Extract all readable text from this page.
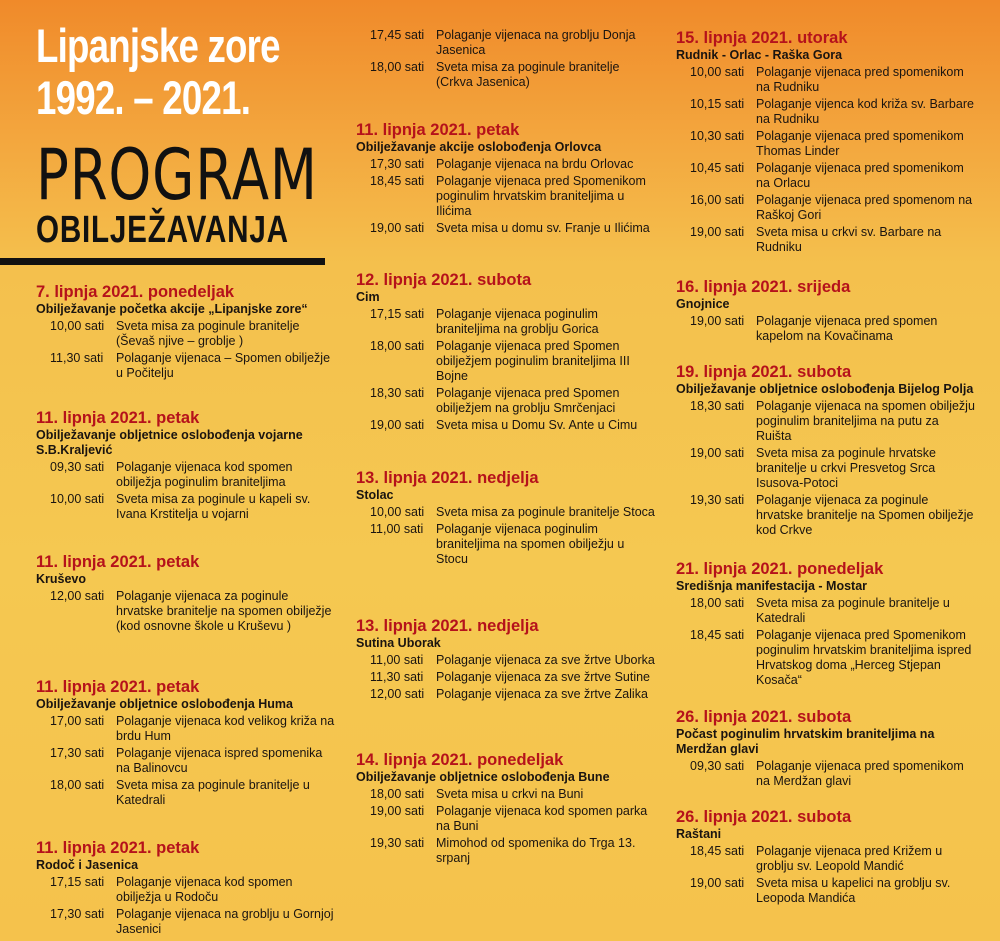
Lipanjske zore
1992. – 2021.
PROGRAM
OBILJEŽAVANJA
7. lipnja 2021. ponedeljak
Obilježavanje početka akcije „Lipanjske zore“
10,00 sati Sveta misa za poginule branitelje (Ševaš njive – groblje )
11,30 sati	Polaganje vijenaca – Spomen obilježje u Počitelju
11. lipnja 2021. petak
Obilježavanje obljetnice oslobođenja vojarne S.B.Kraljević
09,30 sati Polaganje vijenaca kod spomen obilježja poginulim braniteljima
10,00 sati Sveta misa za poginule u kapeli sv. Ivana Krstitelja u vojarni
11. lipnja 2021. petak
Kruševo
12,00 sati Polaganje vijenaca za poginule hrvatske branitelje na spomen obilježje (kod osnovne škole u Kruševu )
11. lipnja 2021. petak
Obilježavanje obljetnice oslobođenja Huma
17,00 sati Polaganje vijenaca kod velikog križa na brdu Hum
17,30 sati Polaganje vijenaca ispred spomenika na Balinovcu
18,00 sati Sveta misa za poginule branitelje u Katedrali
11. lipnja 2021. petak
Rodoč i Jasenica
17,15 sati Polaganje vijenaca kod spomen obilježja u Rodoču
17,30 sati Polaganje vijenaca na groblju u Gornjoj Jasenici
17,45 sati Polaganje vijenaca na groblju Donja Jasenica
18,00 sati Sveta misa za poginule branitelje (Crkva Jasenica)
11. lipnja 2021. petak
Obilježavanje akcije oslobođenja Orlovca
17,30 sati Polaganje vijenaca na brdu Orlovac
18,45 sati Polaganje vijenaca pred Spomenikom poginulim hrvatskim braniteljima u Ilićima
19,00 sati Sveta misa u domu sv. Franje u Ilićima
12. lipnja 2021. subota
Cim
17,15 sati Polaganje vijenaca poginulim braniteljima na groblju Gorica
18,00 sati Polaganje vijenaca pred Spomen obilježjem poginulim braniteljima III Bojne
18,30 sati Polaganje vijenaca pred Spomen obilježjem na groblju Smrčenjaci
19,00 sati Sveta misa u Domu Sv. Ante u Cimu
13. lipnja 2021. nedjelja
Stolac
10,00 sati Sveta misa za poginule branitelje Stoca
11,00 sati	Polaganje vijenaca poginulim braniteljima na spomen obilježju u Stocu
13. lipnja 2021. nedjelja
Sutina Uborak
11,00 sati	Polaganje vijenaca za sve žrtve Uborka
11,30 sati	Polaganje vijenaca za sve žrtve Sutine
12,00 sati Polaganje vijenaca za sve žrtve Zalika
14. lipnja 2021. ponedeljak
Obilježavanje obljetnice oslobođenja Bune
18,00 sati Sveta misa u crkvi na Buni
19,00 sati Polaganje vijenaca kod spomen parka na Buni
19,30 sati Mimohod od spomenika do Trga 13. srpanj
15. lipnja 2021. utorak
Rudnik - Orlac - Raška Gora
10,00 sati Polaganje vijenaca pred spomenikom na Rudniku
10,15 sati Polaganje vijenca kod križa sv. Barbare na Rudniku
10,30 sati Polaganje vijenaca pred spomenikom Thomas Linder
10,45 sati Polaganje vijenaca pred spomenikom na Orlacu
16,00 sati Polaganje vijenaca pred spomenom na Raškoj Gori
19,00 sati Sveta misa u crkvi sv. Barbare na Rudniku
16. lipnja 2021. srijeda
Gnojnice
19,00 sati Polaganje vijenaca pred spomen kapelom na Kovačinama
19. lipnja 2021. subota
Obilježavanje obljetnice oslobođenja Bijelog Polja
18,30 sati Polaganje vijenaca na spomen obilježju poginulim braniteljima na putu za Ruišta
19,00 sati Sveta misa za poginule hrvatske branitelje u crkvi Presvetog Srca Isusova-Potoci
19,30 sati Polaganje vijenaca za poginule hrvatske branitelje na Spomen obilježje kod Crkve
21. lipnja 2021. ponedeljak
Središnja manifestacija - Mostar
18,00 sati Sveta misa za poginule branitelje u Katedrali
18,45 sati Polaganje vijenaca pred Spomenikom poginulim hrvatskim braniteljima ispred Hrvatskog doma „Herceg Stjepan Kosača“
26. lipnja 2021. subota
Počast poginulim hrvatskim braniteljima na Merdžan glavi
09,30 sati Polaganje vijenaca pred spomenikom na Merdžan glavi
26. lipnja 2021. subota
Raštani
18,45 sati Polaganje vijenaca pred Križem u groblju sv. Leopold Mandić
19,00 sati Sveta misa u kapelici na groblju sv. Leopoda Mandića
